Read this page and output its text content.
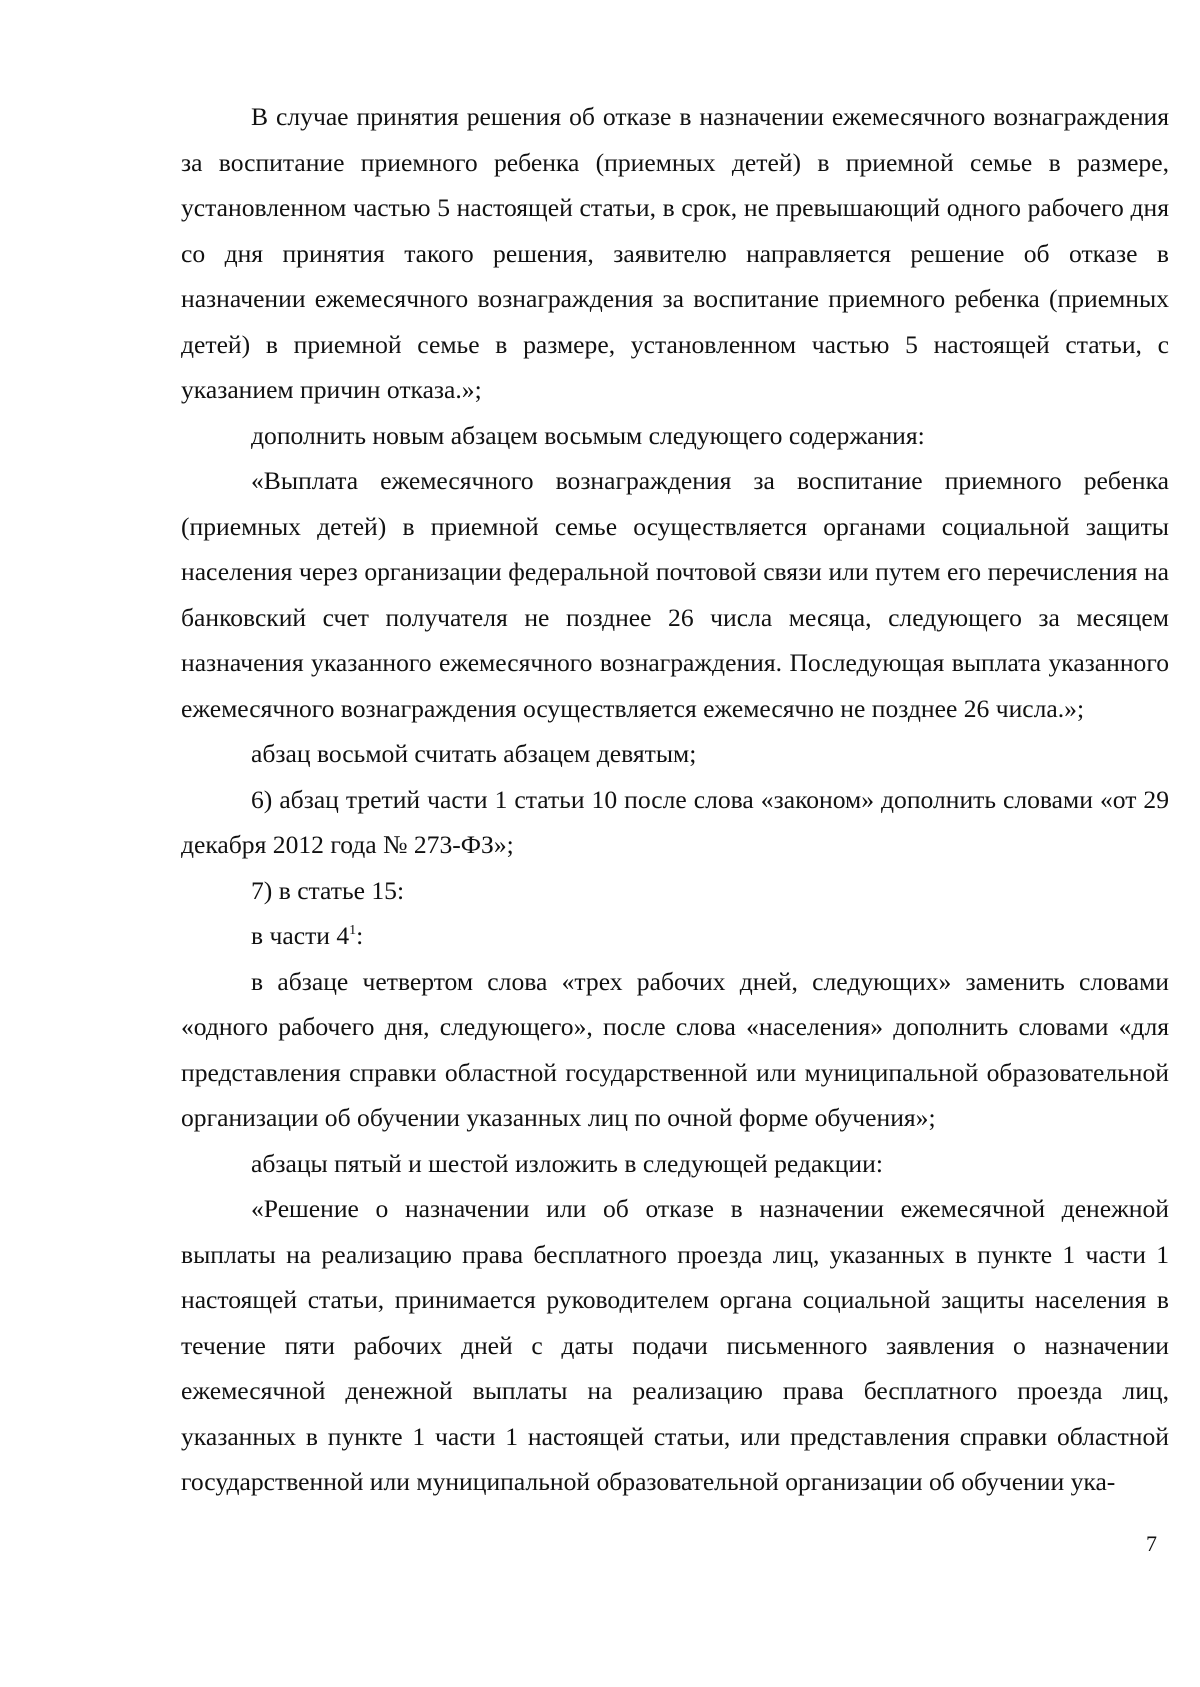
В случае принятия решения об отказе в назначении ежемесячного вознаграждения за воспитание приемного ребенка (приемных детей) в приемной семье в размере, установленном частью 5 настоящей статьи, в срок, не превышающий одного рабочего дня со дня принятия такого решения, заявителю направляется решение об отказе в назначении ежемесячного вознаграждения за воспитание приемного ребенка (приемных детей) в приемной семье в размере, установленном частью 5 настоящей статьи, с указанием причин отказа.»;

дополнить новым абзацем восьмым следующего содержания:

«Выплата ежемесячного вознаграждения за воспитание приемного ребенка (приемных детей) в приемной семье осуществляется органами социальной защиты населения через организации федеральной почтовой связи или путем его перечисления на банковский счет получателя не позднее 26 числа месяца, следующего за месяцем назначения указанного ежемесячного вознаграждения. Последующая выплата указанного ежемесячного вознаграждения осуществляется ежемесячно не позднее 26 числа.»;

абзац восьмой считать абзацем девятым;

6) абзац третий части 1 статьи 10 после слова «законом» дополнить словами «от 29 декабря 2012 года № 273-ФЗ»;

7) в статье 15:

в части $4^1$:

в абзаце четвертом слова «трех рабочих дней, следующих» заменить словами «одного рабочего дня, следующего», после слова «населения» дополнить словами «для представления справки областной государственной или муниципальной образовательной организации об обучении указанных лиц по очной форме обучения»;

абзацы пятый и шестой изложить в следующей редакции:

«Решение о назначении или об отказе в назначении ежемесячной денежной выплаты на реализацию права бесплатного проезда лиц, указанных в пункте 1 части 1 настоящей статьи, принимается руководителем органа социальной защиты населения в течение пяти рабочих дней с даты подачи письменного заявления о назначении ежемесячной денежной выплаты на реализацию права бесплатного проезда лиц, указанных в пункте 1 части 1 настоящей статьи, или представления справки областной государственной или муниципальной образовательной организации об обучении ука-

7
